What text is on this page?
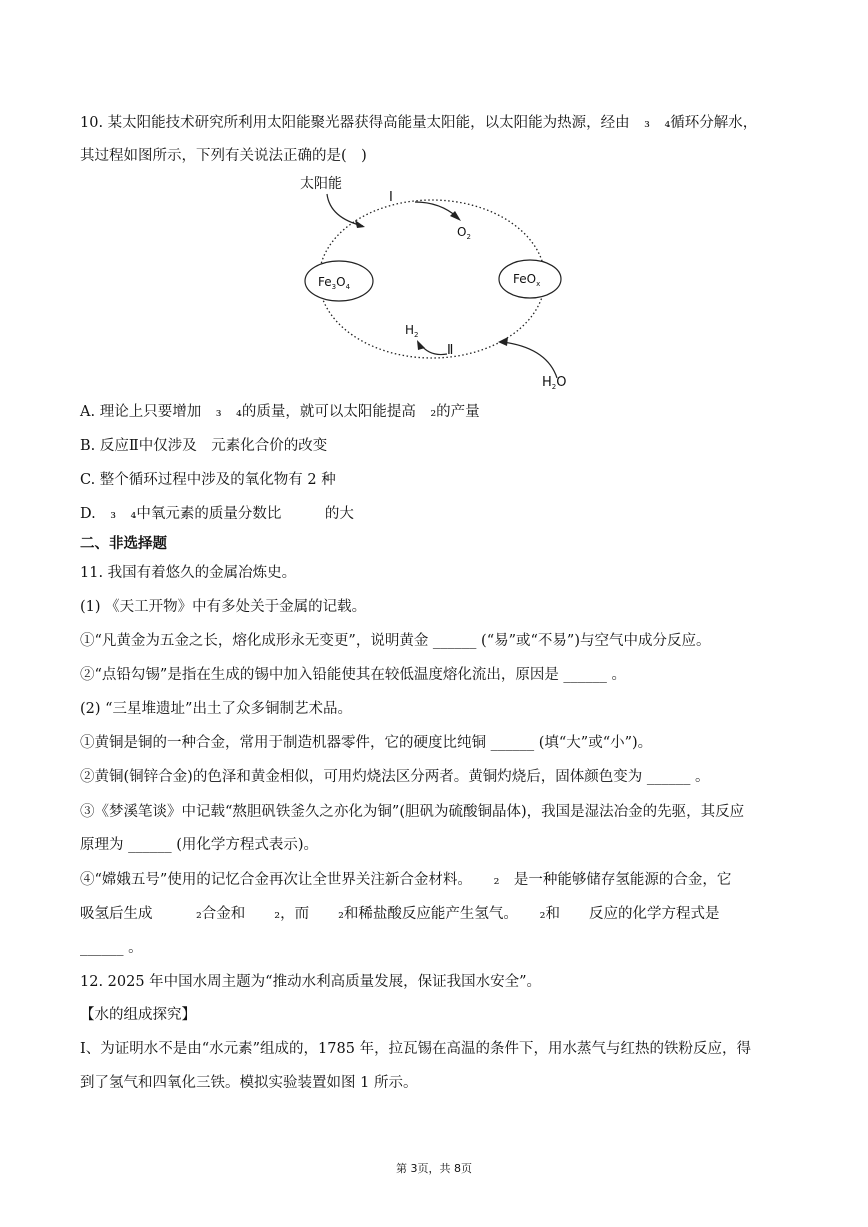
10. 某太阳能技术研究所利用太阳能聚光器获得高能量太阳能，以太阳能为热源，经由　₃　₄循环分解水，
其过程如图所示，下列有关说法正确的是(　)
太阳能
I
$O_2$
$Fe_3O_4$
FeO$_x$
$H_2$
Ⅱ
$H_2O$
A. 理论上只要增加　₃　₄的质量，就可以太阳能提高　₂的产量
B. 反应Ⅱ中仅涉及　元素化合价的改变
C. 整个循环过程中涉及的氧化物有 2 种
D.　₃　₄中氧元素的质量分数比　　　的大
二、非选择题
11. 我国有着悠久的金属冶炼史。
(1) 《天工开物》中有多处关于金属的记载。
①“凡黄金为五金之长，熔化成形永无变更”，说明黄金 ______ (“易”或“不易”)与空气中成分反应。
②“点铅勾锡”是指在生成的锡中加入铅能使其在较低温度熔化流出，原因是 ______ 。
(2) “三星堆遗址”出土了众多铜制艺术品。
①黄铜是铜的一种合金，常用于制造机器零件，它的硬度比纯铜 ______ (填“大”或“小”)。
②黄铜(铜锌合金)的色泽和黄金相似，可用灼烧法区分两者。黄铜灼烧后，固体颜色变为 ______ 。
③《梦溪笔谈》中记载“熬胆矾铁釜久之亦化为铜”(胆矾为硫酸铜晶体)，我国是湿法冶金的先驱，其反应
原理为 ______ (用化学方程式表示)。
④“嫦娥五号”使用的记忆合金再次让全世界关注新合金材料。　　₂　是一种能够储存氢能源的合金，它
吸氢后生成　　　₂合金和　　₂，而　　₂和稀盐酸反应能产生氢气。　　₂和　　反应的化学方程式是
______ 。
12. 2025 年中国水周主题为“推动水利高质量发展，保证我国水安全”。
【水的组成探究】
Ⅰ、为证明水不是由“水元素”组成的，1785 年，拉瓦锡在高温的条件下，用水蒸气与红热的铁粉反应，得
到了氢气和四氧化三铁。模拟实验装置如图 1 所示。
第 3页，共 8页
